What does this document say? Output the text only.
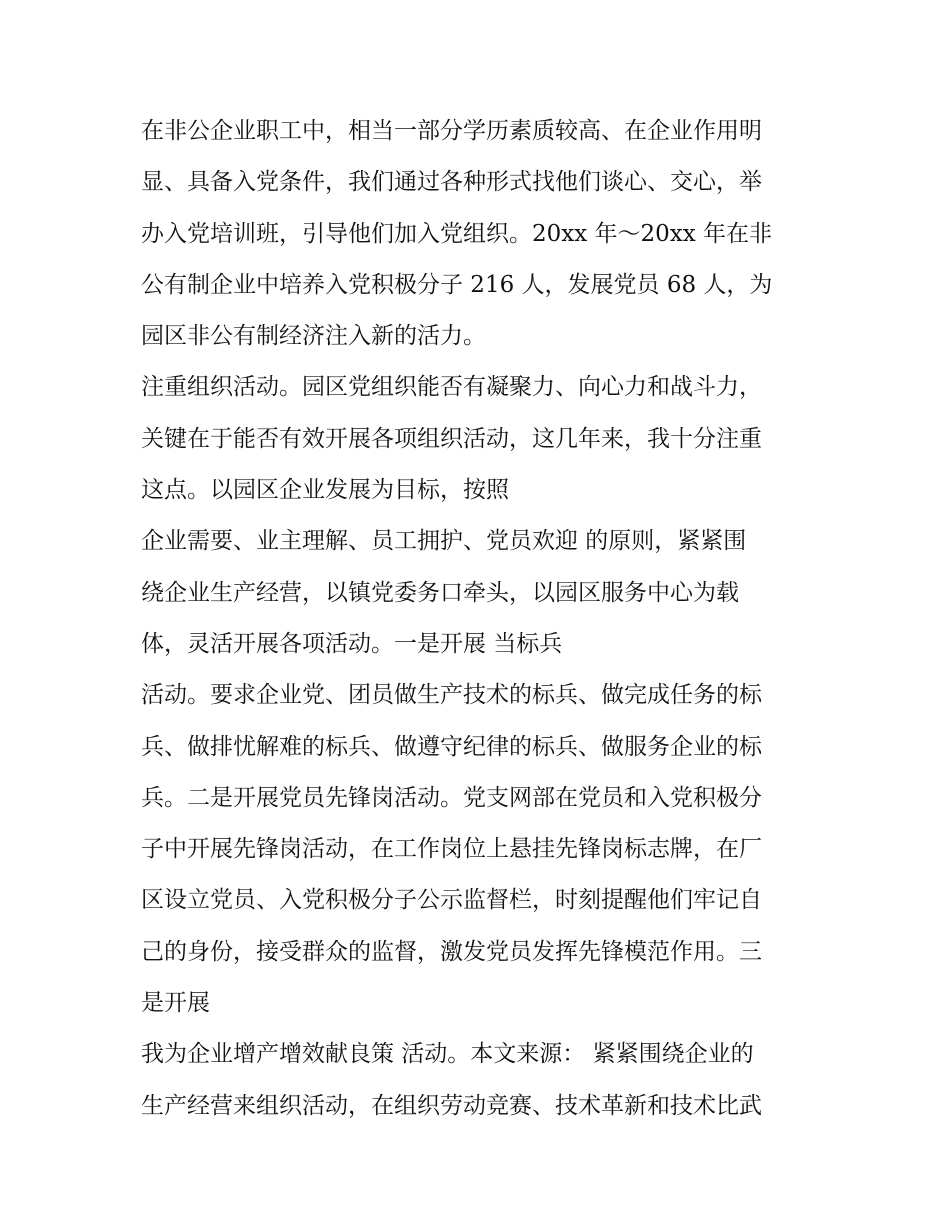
在非公企业职工中，相当一部分学历素质较高、在企业作用明
显、具备入党条件，我们通过各种形式找他们谈心、交心，举
办入党培训班，引导他们加入党组织。20xx 年～20xx 年在非
公有制企业中培养入党积极分子 216 人，发展党员 68 人，为
园区非公有制经济注入新的活力。
注重组织活动。园区党组织能否有凝聚力、向心力和战斗力，
关键在于能否有效开展各项组织活动，这几年来，我十分注重
这点。以园区企业发展为目标，按照
企业需要、业主理解、员工拥护、党员欢迎 的原则，紧紧围
绕企业生产经营，以镇党委务口牵头，以园区服务中心为载
体，灵活开展各项活动。一是开展 当标兵
活动。要求企业党、团员做生产技术的标兵、做完成任务的标
兵、做排忧解难的标兵、做遵守纪律的标兵、做服务企业的标
兵。二是开展党员先锋岗活动。党支网部在党员和入党积极分
子中开展先锋岗活动，在工作岗位上悬挂先锋岗标志牌，在厂
区设立党员、入党积极分子公示监督栏，时刻提醒他们牢记自
己的身份，接受群众的监督，激发党员发挥先锋模范作用。三
是开展
我为企业增产增效献良策 活动。本文来源： 紧紧围绕企业的
生产经营来组织活动，在组织劳动竞赛、技术革新和技术比武
